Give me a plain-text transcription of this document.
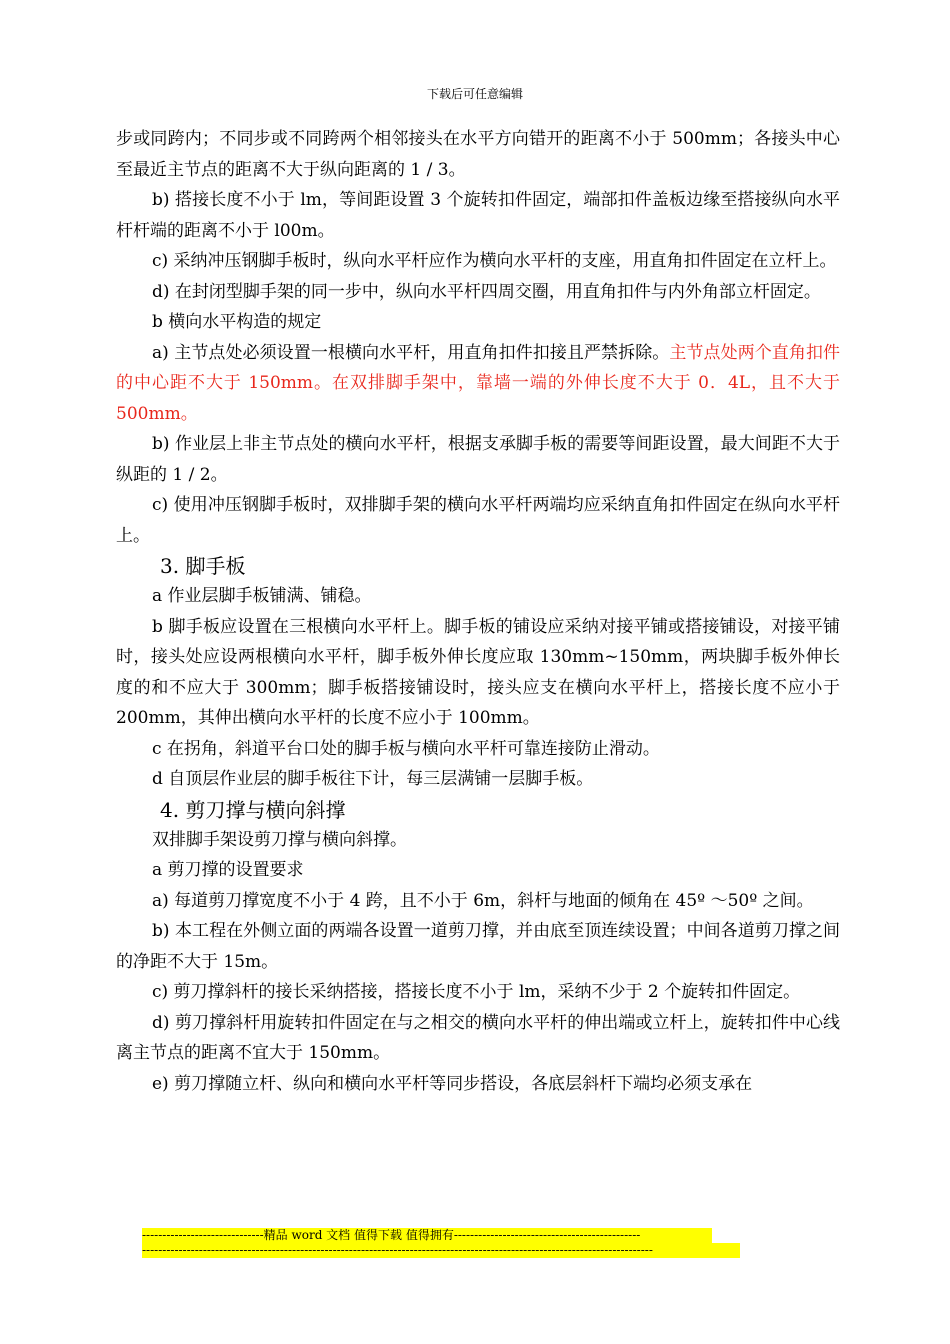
下载后可任意编辑

步或同跨内；不同步或不同跨两个相邻接头在水平方向错开的距离不小于 500mm；各接头中心至最近主节点的距离不大于纵向距离的 1 / 3。

b) 搭接长度不小于 lm，等间距设置 3 个旋转扣件固定，端部扣件盖板边缘至搭接纵向水平杆杆端的距离不小于 l00m。

c) 采纳冲压钢脚手板时，纵向水平杆应作为横向水平杆的支座，用直角扣件固定在立杆上。

d) 在封闭型脚手架的同一步中，纵向水平杆四周交圈，用直角扣件与内外角部立杆固定。

b 横向水平构造的规定

a) 主节点处必须设置一根横向水平杆，用直角扣件扣接且严禁拆除。主节点处两个直角扣件的中心距不大于 150mm。在双排脚手架中，靠墙一端的外伸长度不大于 0．4L，且不大于 500mm。

b) 作业层上非主节点处的横向水平杆，根据支承脚手板的需要等间距设置，最大间距不大于纵距的 1 / 2。

c) 使用冲压钢脚手板时，双排脚手架的横向水平杆两端均应采纳直角扣件固定在纵向水平杆上。

3. 脚手板

a 作业层脚手板铺满、铺稳。

b 脚手板应设置在三根横向水平杆上。脚手板的铺设应采纳对接平铺或搭接铺设，对接平铺时，接头处应设两根横向水平杆，脚手板外伸长度应取 130mm~150mm，两块脚手板外伸长度的和不应大于 300mm；脚手板搭接铺设时，接头应支在横向水平杆上，搭接长度不应小于 200mm，其伸出横向水平杆的长度不应小于 100mm。

c 在拐角，斜道平台口处的脚手板与横向水平杆可靠连接防止滑动。

d 自顶层作业层的脚手板往下计，每三层满铺一层脚手板。

4. 剪刀撑与横向斜撑

双排脚手架设剪刀撑与横向斜撑。

a 剪刀撑的设置要求

a) 每道剪刀撑宽度不小于 4 跨，且不小于 6m，斜杆与地面的倾角在 45º ～50º 之间。

b) 本工程在外侧立面的两端各设置一道剪刀撑，并由底至顶连续设置；中间各道剪刀撑之间的净距不大于 15m。

c) 剪刀撑斜杆的接长采纳搭接，搭接长度不小于 lm，采纳不少于 2 个旋转扣件固定。

d) 剪刀撑斜杆用旋转扣件固定在与之相交的横向水平杆的伸出端或立杆上，旋转扣件中心线离主节点的距离不宜大于 150mm。

e) 剪刀撑随立杆、纵向和横向水平杆等同步搭设，各底层斜杆下端均必须支承在

------------------------------精品 word 文档 值得下载 值得拥有----------------------------------------------
------------------------------------------------------------------------------------------------------------------------------
